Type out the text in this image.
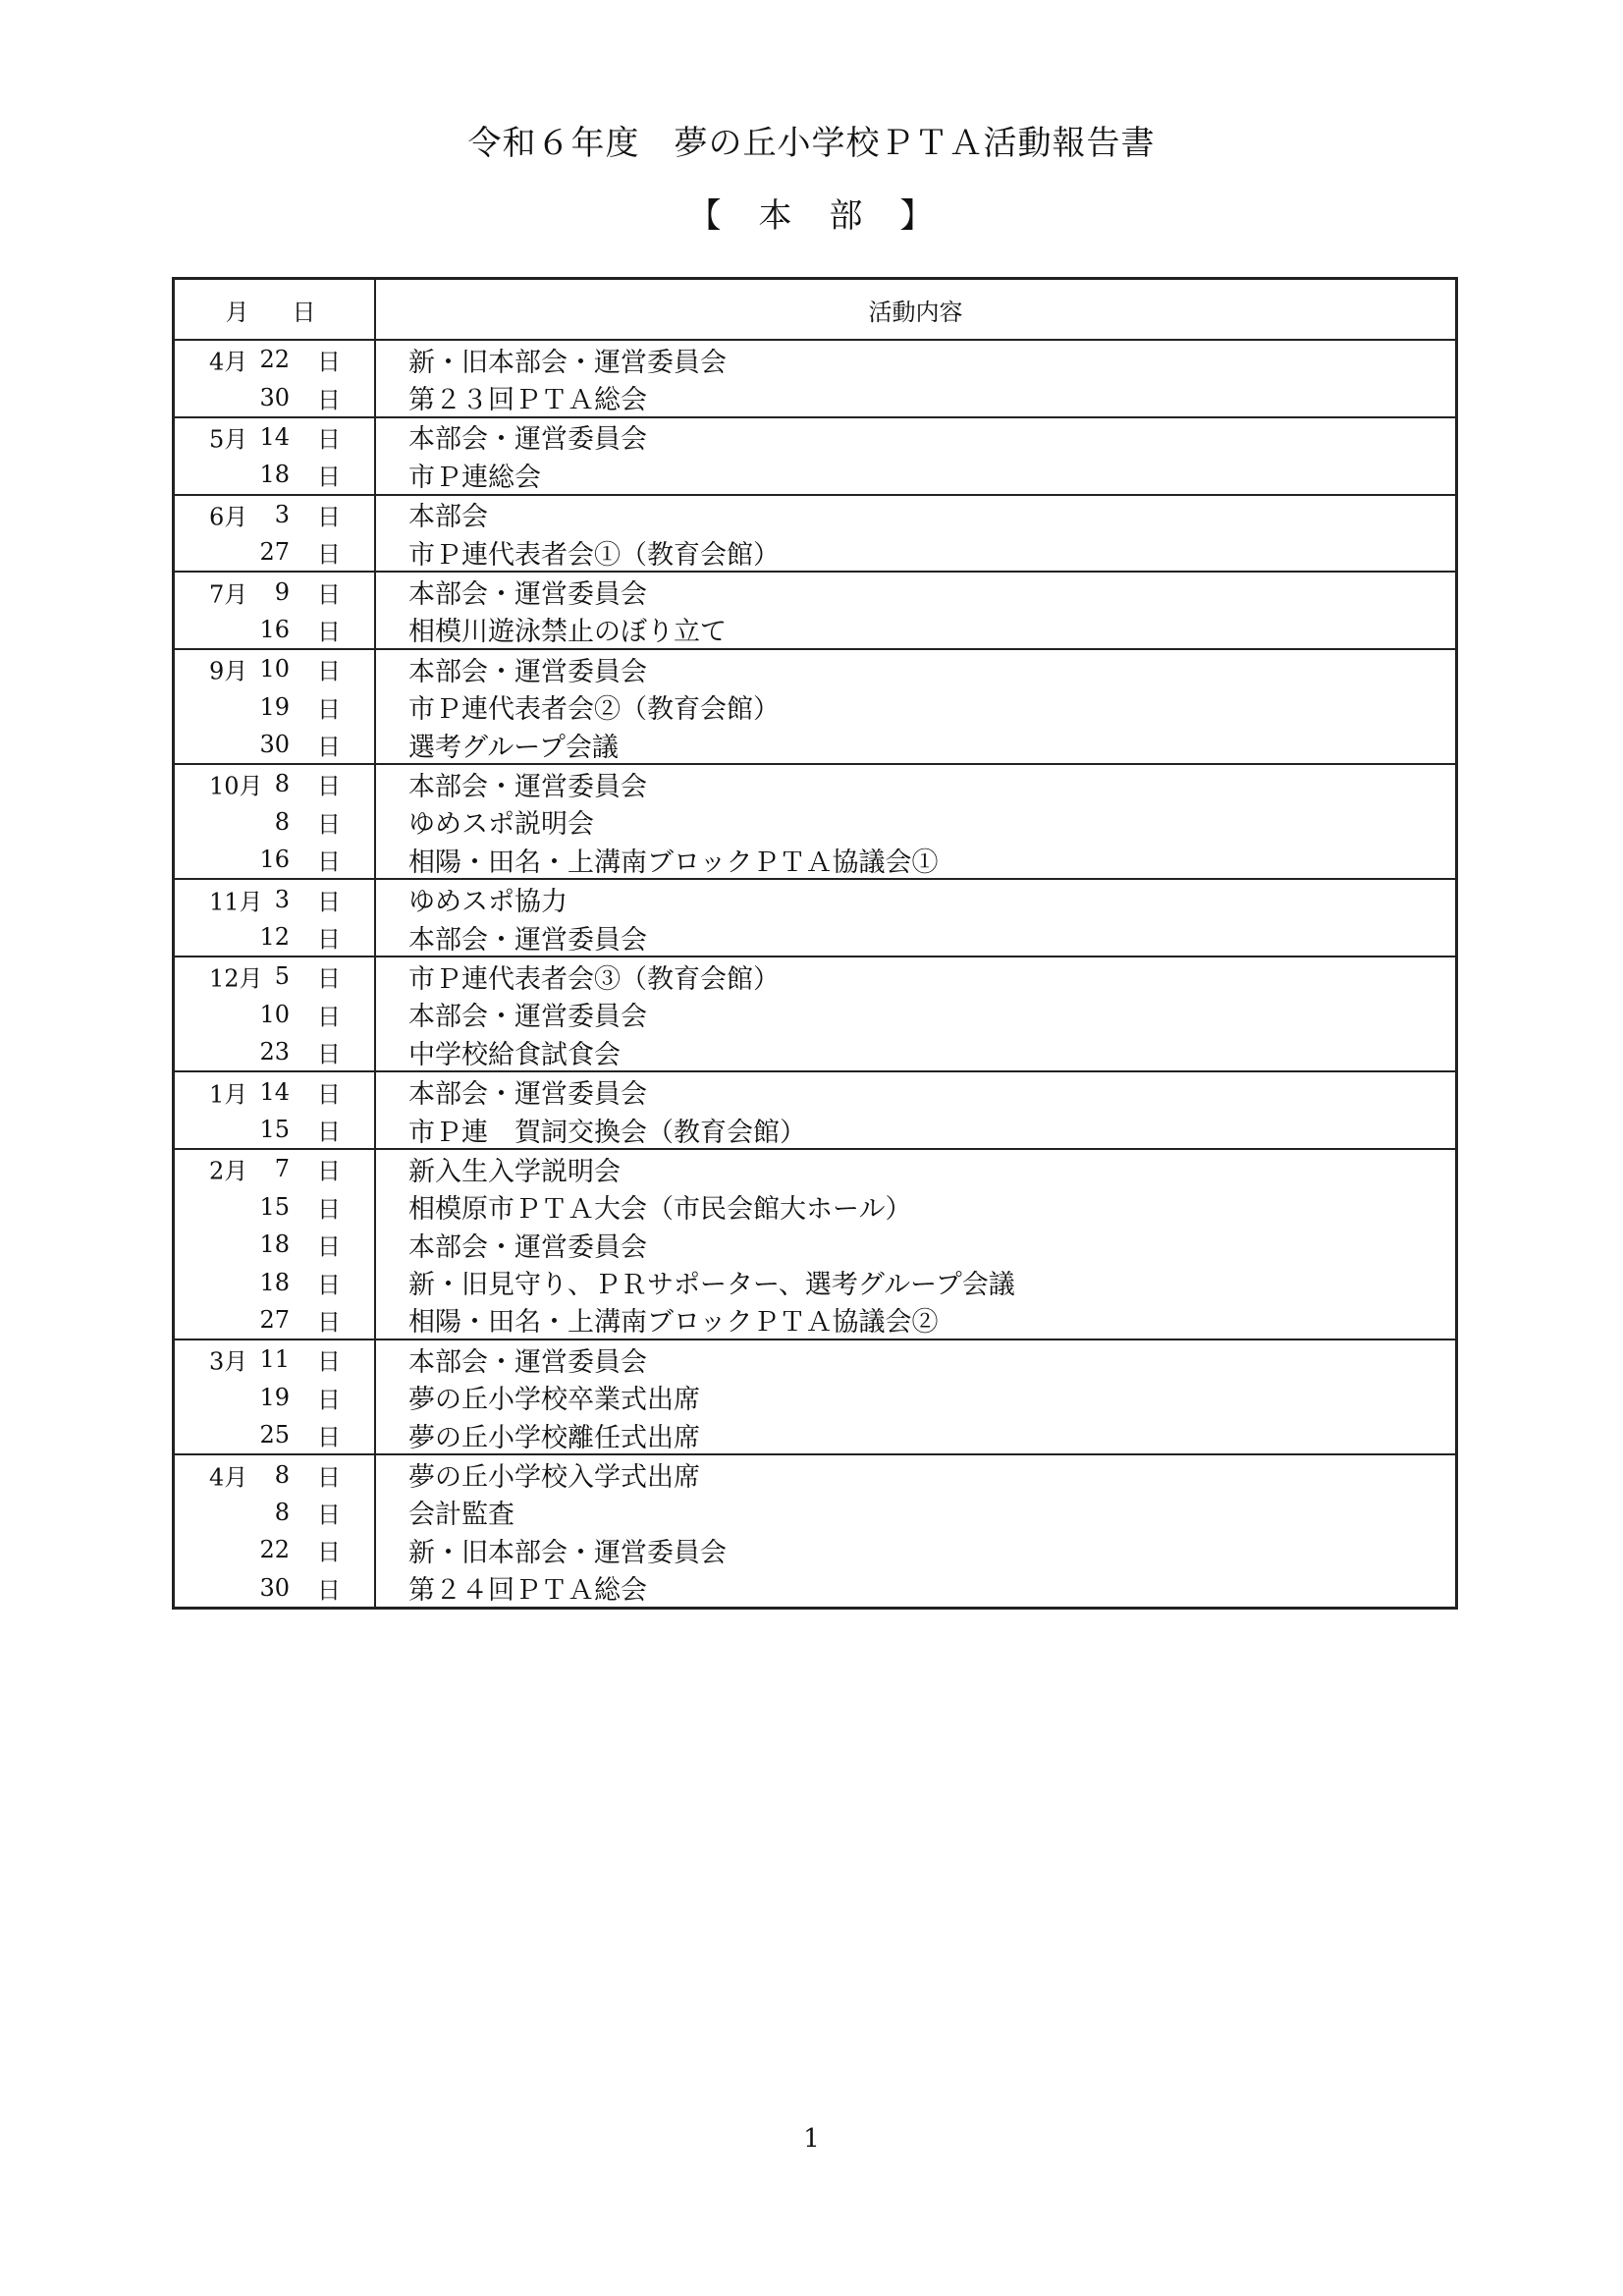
令和６年度　夢の丘小学校ＰＴＡ活動報告書
【　本　部　】
月　日	活動内容
4月 22 日	新・旧本部会・運営委員会
30 日	第２３回ＰＴＡ総会
5月 14 日	本部会・運営委員会
18 日	市Ｐ連総会
6月 3 日	本部会
27 日	市Ｐ連代表者会①（教育会館）
7月 9 日	本部会・運営委員会
16 日	相模川遊泳禁止のぼり立て
9月 10 日	本部会・運営委員会
19 日	市Ｐ連代表者会②（教育会館）
30 日	選考グループ会議
10月 8 日	本部会・運営委員会
8 日	ゆめスポ説明会
16 日	相陽・田名・上溝南ブロックＰＴＡ協議会①
11月 3 日	ゆめスポ協力
12 日	本部会・運営委員会
12月 5 日	市Ｐ連代表者会③（教育会館）
10 日	本部会・運営委員会
23 日	中学校給食試食会
1月 14 日	本部会・運営委員会
15 日	市Ｐ連　賀詞交換会（教育会館）
2月 7 日	新入生入学説明会
15 日	相模原市ＰＴＡ大会（市民会館大ホール）
18 日	本部会・運営委員会
18 日	新・旧見守り、ＰＲサポーター、選考グループ会議
27 日	相陽・田名・上溝南ブロックＰＴＡ協議会②
3月 11 日	本部会・運営委員会
19 日	夢の丘小学校卒業式出席
25 日	夢の丘小学校離任式出席
4月 8 日	夢の丘小学校入学式出席
8 日	会計監査
22 日	新・旧本部会・運営委員会
30 日	第２４回ＰＴＡ総会
1
